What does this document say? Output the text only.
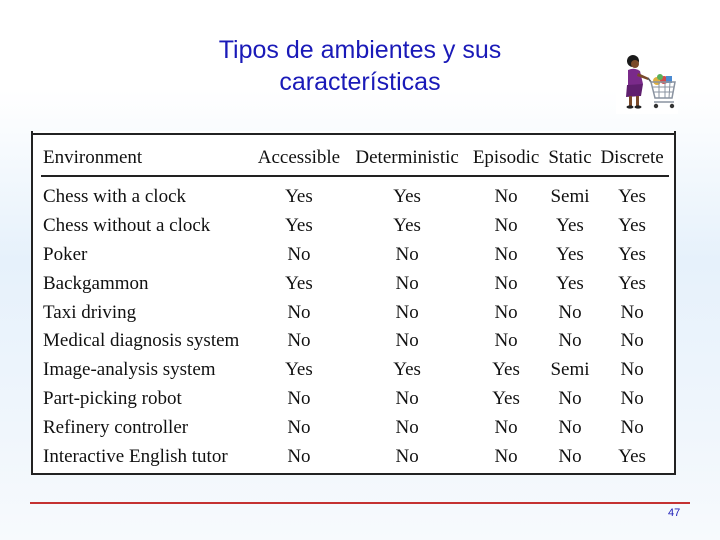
Tipos de ambientes y sus características
Environment	Accessible	Deterministic	Episodic	Static	Discrete
Chess with a clock	Yes	Yes	No	Semi	Yes
Chess without a clock	Yes	Yes	No	Yes	Yes
Poker	No	No	No	Yes	Yes
Backgammon	Yes	No	No	Yes	Yes
Taxi driving	No	No	No	No	No
Medical diagnosis system	No	No	No	No	No
Image-analysis system	Yes	Yes	Yes	Semi	No
Part-picking robot	No	No	Yes	No	No
Refinery controller	No	No	No	No	No
Interactive English tutor	No	No	No	No	Yes
47
